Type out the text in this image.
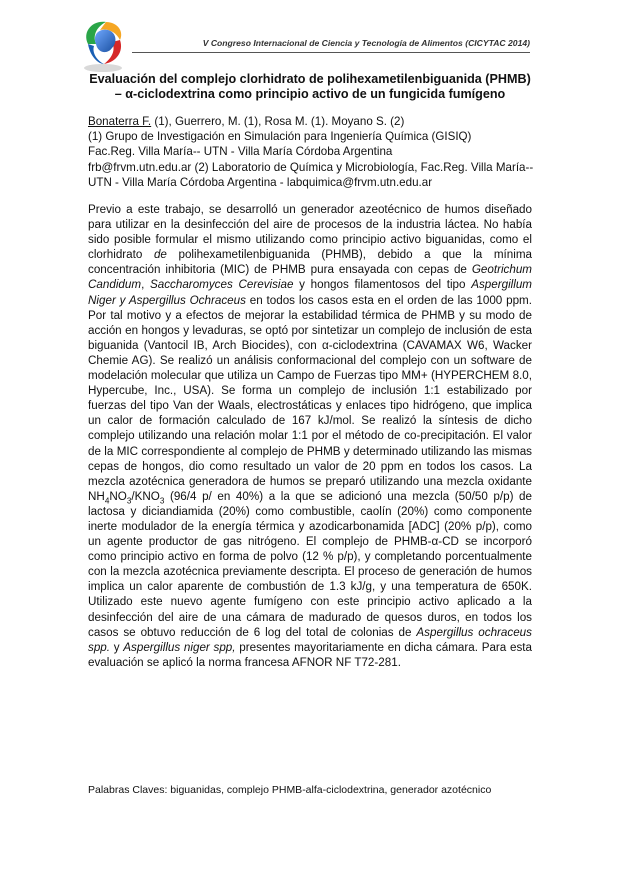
V Congreso Internacional de Ciencia y Tecnología de Alimentos (CICYTAC 2014)
Evaluación del complejo clorhidrato de polihexametilenbiguanida (PHMB)
– α-ciclodextrina como principio activo de un fungicida fumígeno

Bonaterra F. (1), Guerrero, M. (1), Rosa M. (1). Moyano S. (2)

(1) Grupo de Investigación en Simulación para Ingeniería Química (GISIQ)

Fac.Reg. Villa María-- UTN - Villa María Córdoba Argentina

frb@frvm.utn.edu.ar (2) Laboratorio de Química y Microbiología, Fac.Reg. Villa María-- UTN - Villa María Córdoba Argentina - labquimica@frvm.utn.edu.ar

Previo a este trabajo, se desarrolló un generador azeotécnico de humos diseñado para utilizar en la desinfección del aire de procesos de la industria láctea. No había sido posible formular el mismo utilizando como principio activo biguanidas, como el clorhidrato de polihexametilenbiguanida (PHMB), debido a que la mínima concentración inhibitoria (MIC) de PHMB pura ensayada con cepas de Geotrichum Candidum, Saccharomyces Cerevisiae y hongos filamentosos del tipo Aspergillum Niger y Aspergillus Ochraceus en todos los casos esta en el orden de las 1000 ppm. Por tal motivo y a efectos de mejorar la estabilidad térmica de PHMB y su modo de acción en hongos y levaduras, se optó por sintetizar un complejo de inclusión de esta biguanida (Vantocil IB, Arch Biocides), con α-ciclodextrina (CAVAMAX W6, Wacker Chemie AG). Se realizó un análisis conformacional del complejo con un software de modelación molecular que utiliza un Campo de Fuerzas tipo MM+ (HYPERCHEM 8.0, Hypercube, Inc., USA). Se forma un complejo de inclusión 1:1 estabilizado por fuerzas del tipo Van der Waals, electrostáticas y enlaces tipo hidrógeno, que implica un calor de formación calculado de 167 kJ/mol. Se realizó la síntesis de dicho complejo utilizando una relación molar 1:1 por el método de co-precipitación. El valor de la MIC correspondiente al complejo de PHMB y determinado utilizando las mismas cepas de hongos, dio como resultado un valor de 20 ppm en todos los casos. La mezcla azotécnica generadora de humos se preparó utilizando una mezcla oxidante $NH_4NO_3/KNO_3$ (96/4 p/ en 40%) a la que se adicionó una mezcla (50/50 p/p) de lactosa y diciandiamida (20%) como combustible, caolín (20%) como componente inerte modulador de la energía térmica y azodicarbonamida [ADC] (20% p/p), como un agente productor de gas nitrógeno. El complejo de PHMB-α-CD se incorporó como principio activo en forma de polvo (12 % p/p), y completando porcentualmente con la mezcla azotécnica previamente descripta. El proceso de generación de humos implica un calor aparente de combustión de 1.3 kJ/g, y una temperatura de 650K. Utilizado este nuevo agente fumígeno con este principio activo aplicado a la desinfección del aire de una cámara de madurado de quesos duros, en todos los casos se obtuvo reducción de 6 log del total de colonias de Aspergillus ochraceus spp. y Aspergillus niger spp, presentes mayoritariamente en dicha cámara. Para esta evaluación se aplicó la norma francesa AFNOR NF T72-281.

Palabras Claves: biguanidas, complejo PHMB-alfa-ciclodextrina, generador azotécnico
